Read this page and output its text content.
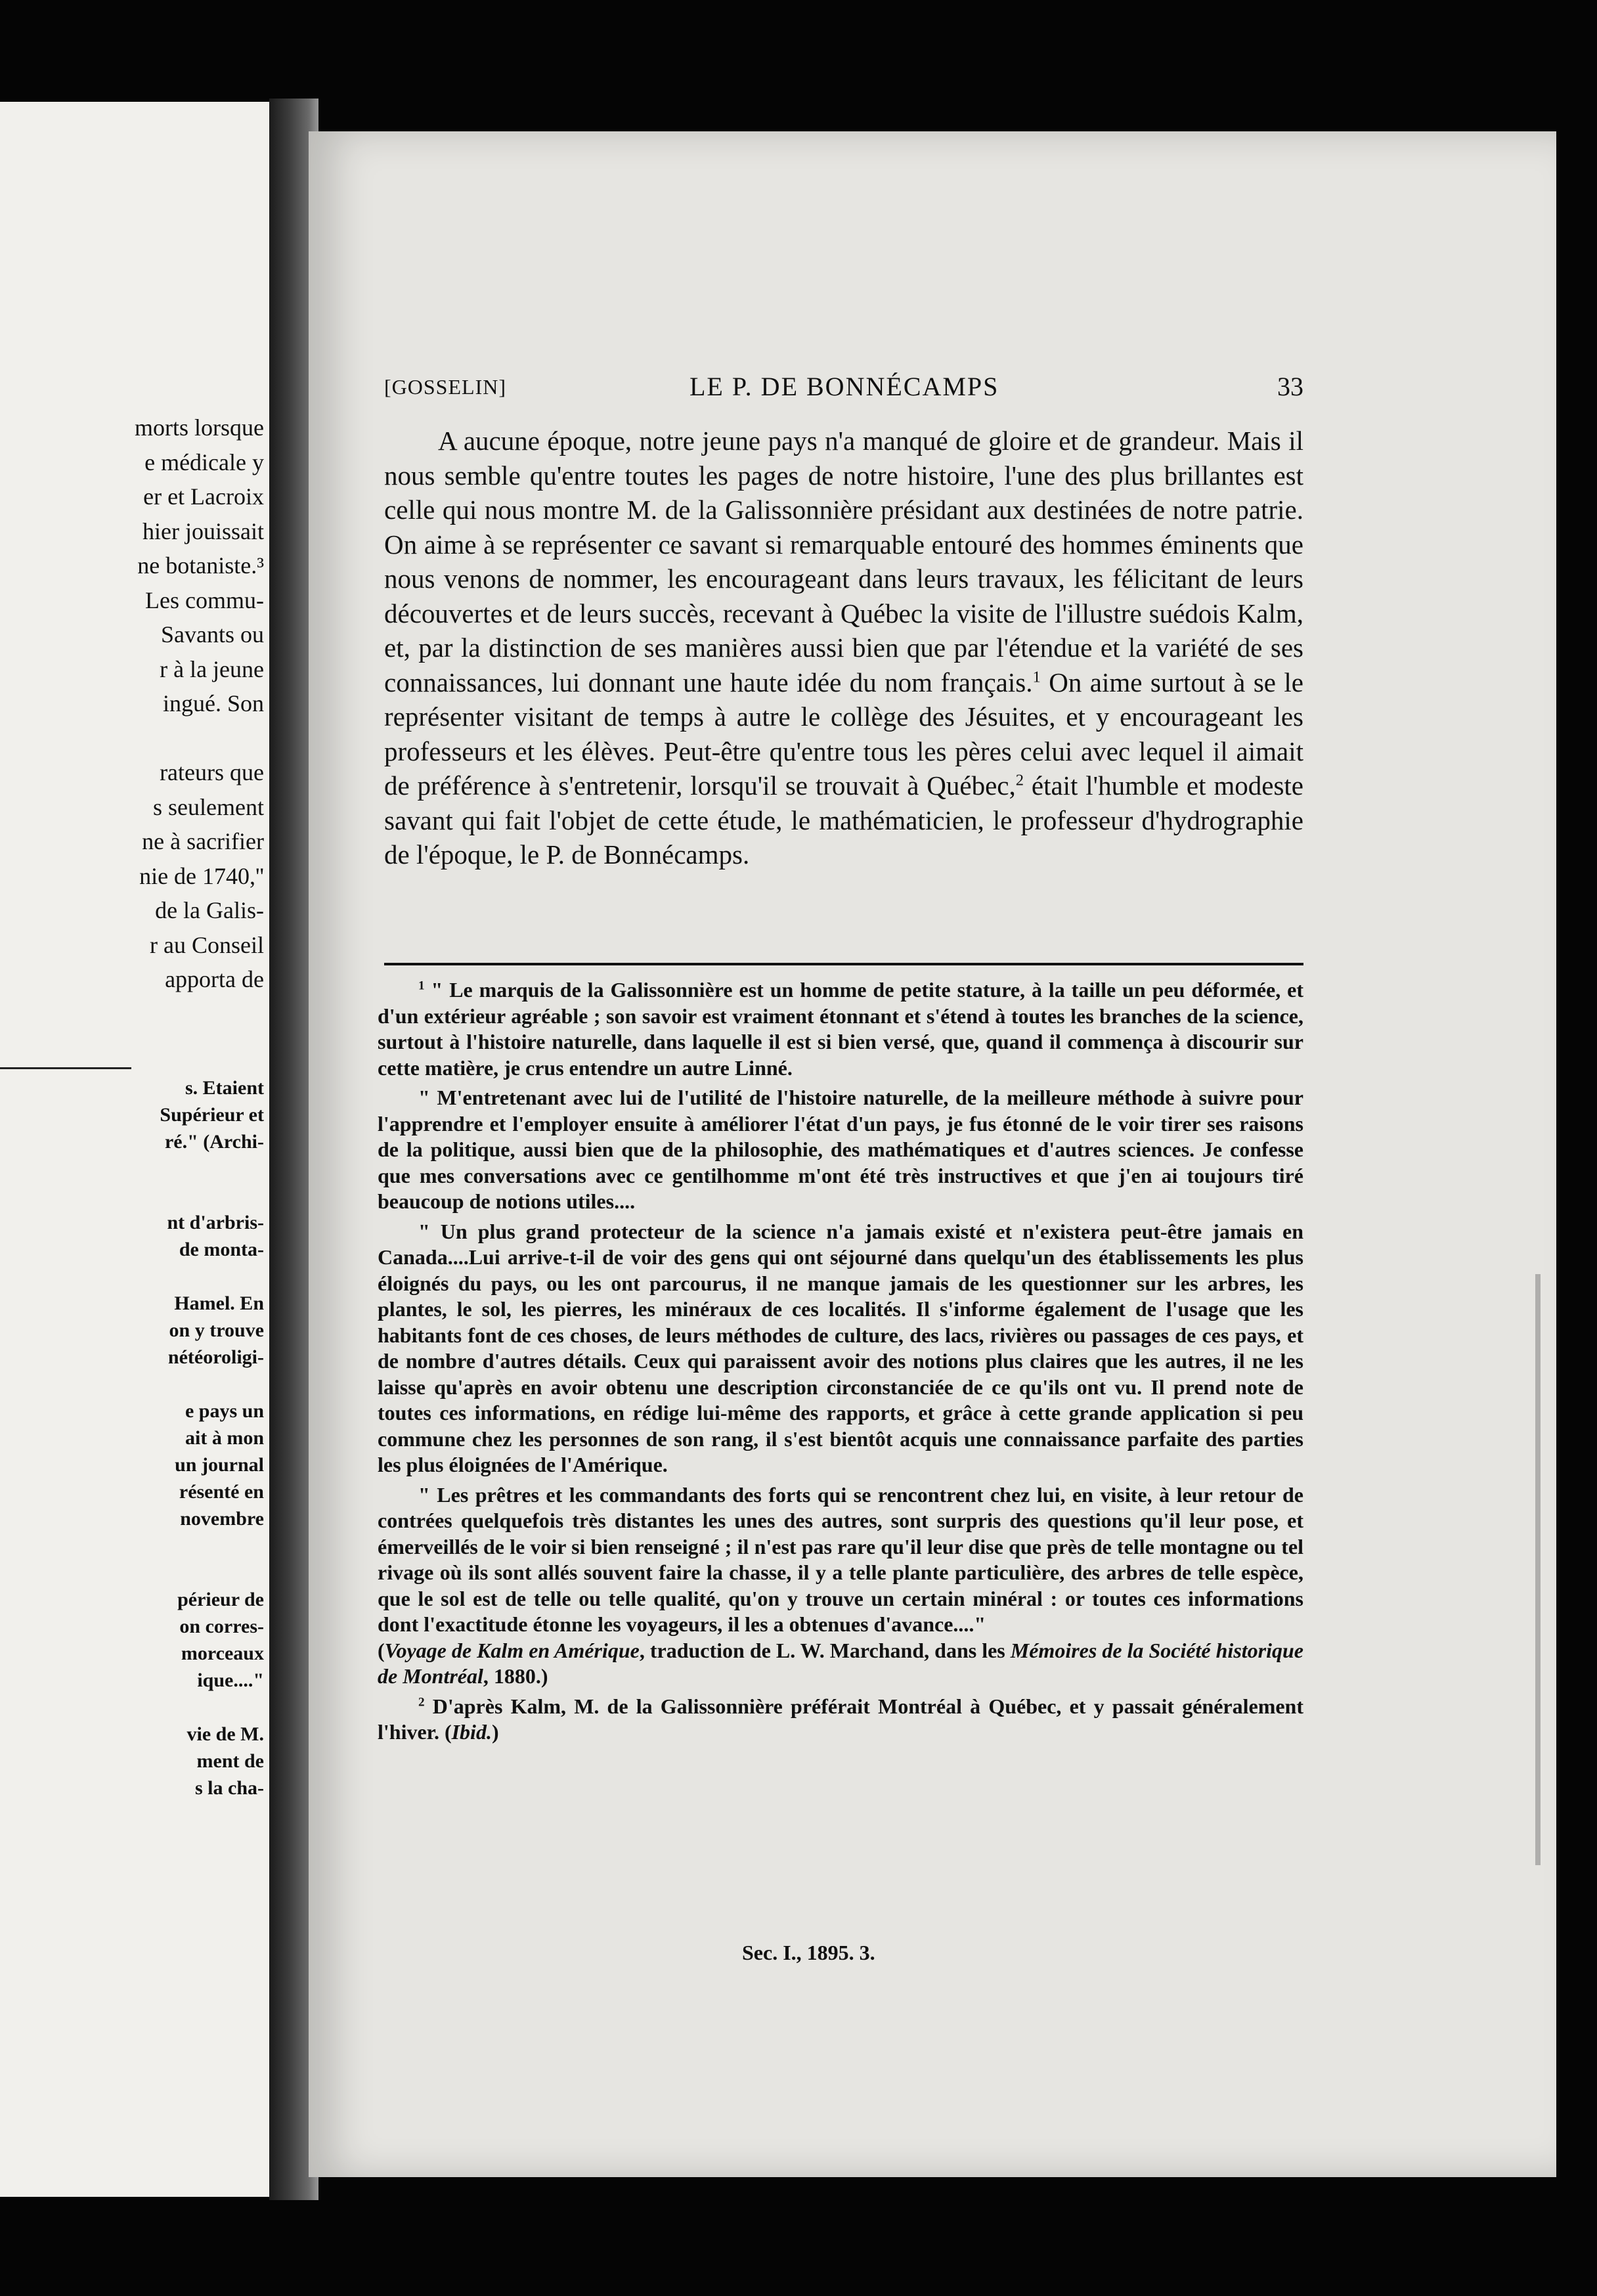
morts lorsque
e médicale y
er et Lacroix
hier jouissait
ne botaniste.³
Les commu-
Savants ou
r à la jeune
ingué. Son
rateurs que
s seulement
ne à sacrifier
nie de 1740,''
de la Galis-
r au Conseil
apporta de
s. Etaient
Supérieur et
ré." (Archi-
nt d'arbris-
de monta-
Hamel. En
on y trouve
nétéoroligi-
e pays un
ait à mon
un journal
résenté en
novembre
périeur de
on corres-
morceaux
ique...."
vie de M.
ment de
s la cha-
[GOSSELIN]	LE P. DE BONNÉCAMPS	33

A aucune époque, notre jeune pays n'a manqué de gloire et de grandeur. Mais il nous semble qu'entre toutes les pages de notre histoire, l'une des plus brillantes est celle qui nous montre M. de la Galissonnière présidant aux destinées de notre patrie. On aime à se représenter ce savant si remarquable entouré des hommes éminents que nous venons de nommer, les encourageant dans leurs travaux, les félicitant de leurs découvertes et de leurs succès, recevant à Québec la visite de l'illustre suédois Kalm, et, par la distinction de ses manières aussi bien que par l'étendue et la variété de ses connaissances, lui donnant une haute idée du nom français.$^1$ On aime surtout à se le représenter visitant de temps à autre le collège des Jésuites, et y encourageant les professeurs et les élèves. Peut-être qu'entre tous les pères celui avec lequel il aimait de préférence à s'entretenir, lorsqu'il se trouvait à Québec,$^2$ était l'humble et modeste savant qui fait l'objet de cette étude, le mathématicien, le professeur d'hydrographie de l'époque, le P. de Bonnécamps.

$^1$ " Le marquis de la Galissonnière est un homme de petite stature, à la taille un peu déformée, et d'un extérieur agréable ; son savoir est vraiment étonnant et s'étend à toutes les branches de la science, surtout à l'histoire naturelle, dans laquelle il est si bien versé, que, quand il commença à discourir sur cette matière, je crus entendre un autre Linné.

" M'entretenant avec lui de l'utilité de l'histoire naturelle, de la meilleure méthode à suivre pour l'apprendre et l'employer ensuite à améliorer l'état d'un pays, je fus étonné de le voir tirer ses raisons de la politique, aussi bien que de la philosophie, des mathématiques et d'autres sciences. Je confesse que mes conversations avec ce gentilhomme m'ont été très instructives et que j'en ai toujours tiré beaucoup de notions utiles....

" Un plus grand protecteur de la science n'a jamais existé et n'existera peut-être jamais en Canada....Lui arrive-t-il de voir des gens qui ont séjourné dans quelqu'un des établissements les plus éloignés du pays, ou les ont parcourus, il ne manque jamais de les questionner sur les arbres, les plantes, le sol, les pierres, les minéraux de ces localités. Il s'informe également de l'usage que les habitants font de ces choses, de leurs méthodes de culture, des lacs, rivières ou passages de ces pays, et de nombre d'autres détails. Ceux qui paraissent avoir des notions plus claires que les autres, il ne les laisse qu'après en avoir obtenu une description circonstanciée de ce qu'ils ont vu. Il prend note de toutes ces informations, en rédige lui-même des rapports, et grâce à cette grande application si peu commune chez les personnes de son rang, il s'est bientôt acquis une connaissance parfaite des parties les plus éloignées de l'Amérique.

" Les prêtres et les commandants des forts qui se rencontrent chez lui, en visite, à leur retour de contrées quelquefois très distantes les unes des autres, sont surpris des questions qu'il leur pose, et émerveillés de le voir si bien renseigné ; il n'est pas rare qu'il leur dise que près de telle montagne ou tel rivage où ils sont allés souvent faire la chasse, il y a telle plante particulière, des arbres de telle espèce, que le sol est de telle ou telle qualité, qu'on y trouve un certain minéral : or toutes ces informations dont l'exactitude étonne les voyageurs, il les a obtenues d'avance...."

(Voyage de Kalm en Amérique, traduction de L. W. Marchand, dans les Mémoires de la Société historique de Montréal, 1880.)

$^2$ D'après Kalm, M. de la Galissonnière préférait Montréal à Québec, et y passait généralement l'hiver. (Ibid.)

Sec. I., 1895. 3.
